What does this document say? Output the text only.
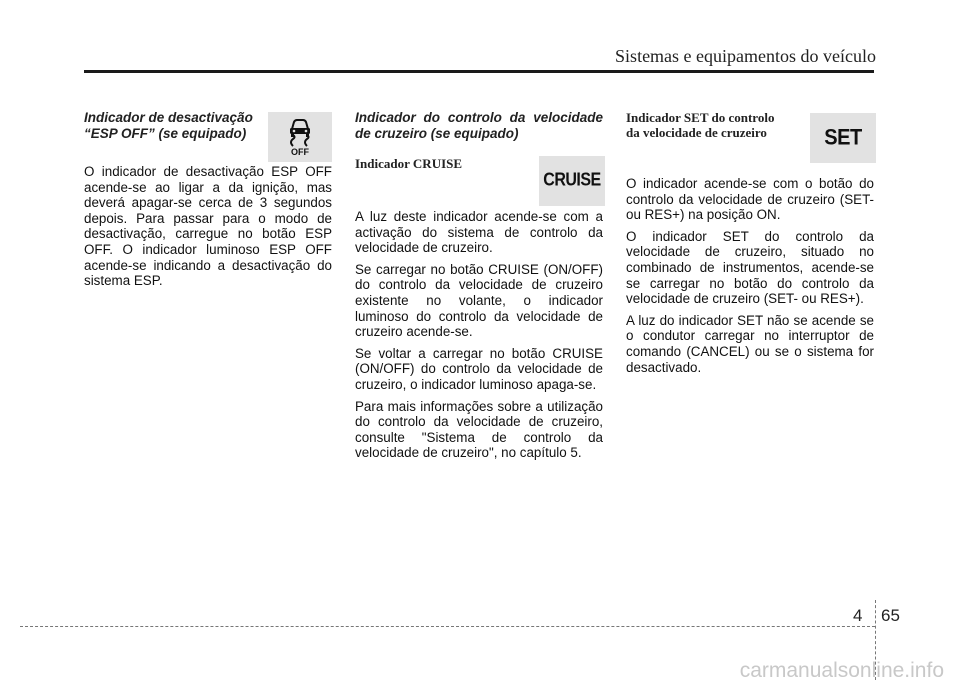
Sistemas e equipamentos do veículo
Indicador de desactivação
“ESP OFF” (se equipado)

O indicador de desactivação ESP OFF acende-se ao ligar a da ignição, mas deverá apagar-se cerca de 3 segundos depois. Para passar para o modo de desactivação, carregue no botão ESP OFF. O indicador luminoso ESP OFF acende-se indicando a desactivação do sistema ESP.

OFF
Indicador do controlo da velocidade de cruzeiro (se equipado)
Indicador CRUISE

A luz deste indicador acende-se com a activação do sistema de controlo da velocidade de cruzeiro.

Se carregar no botão CRUISE (ON/OFF) do controlo da velocidade de cruzeiro existente no volante, o indicador luminoso do controlo da velocidade de cruzeiro acende-se.

Se voltar a carregar no botão CRUISE (ON/OFF) do controlo da velocidade de cruzeiro, o indicador luminoso apaga-se.

Para mais informações sobre a utilização do controlo da velocidade de cruzeiro, consulte "Sistema de controlo da velocidade de cruzeiro", no capítulo 5.

CRUISE
Indicador SET do controlo
da velocidade de cruzeiro

O indicador acende-se com o botão do controlo da velocidade de cruzeiro (SET- ou RES+) na posição ON.

O indicador SET do controlo da velocidade de cruzeiro, situado no combinado de instrumentos, acende-se se carregar no botão do controlo da velocidade de cruzeiro (SET- ou RES+).

A luz do indicador SET não se acende se o condutor carregar no interruptor de comando (CANCEL) ou se o sistema for desactivado.

SET
4 65
carmanualsonline.info
